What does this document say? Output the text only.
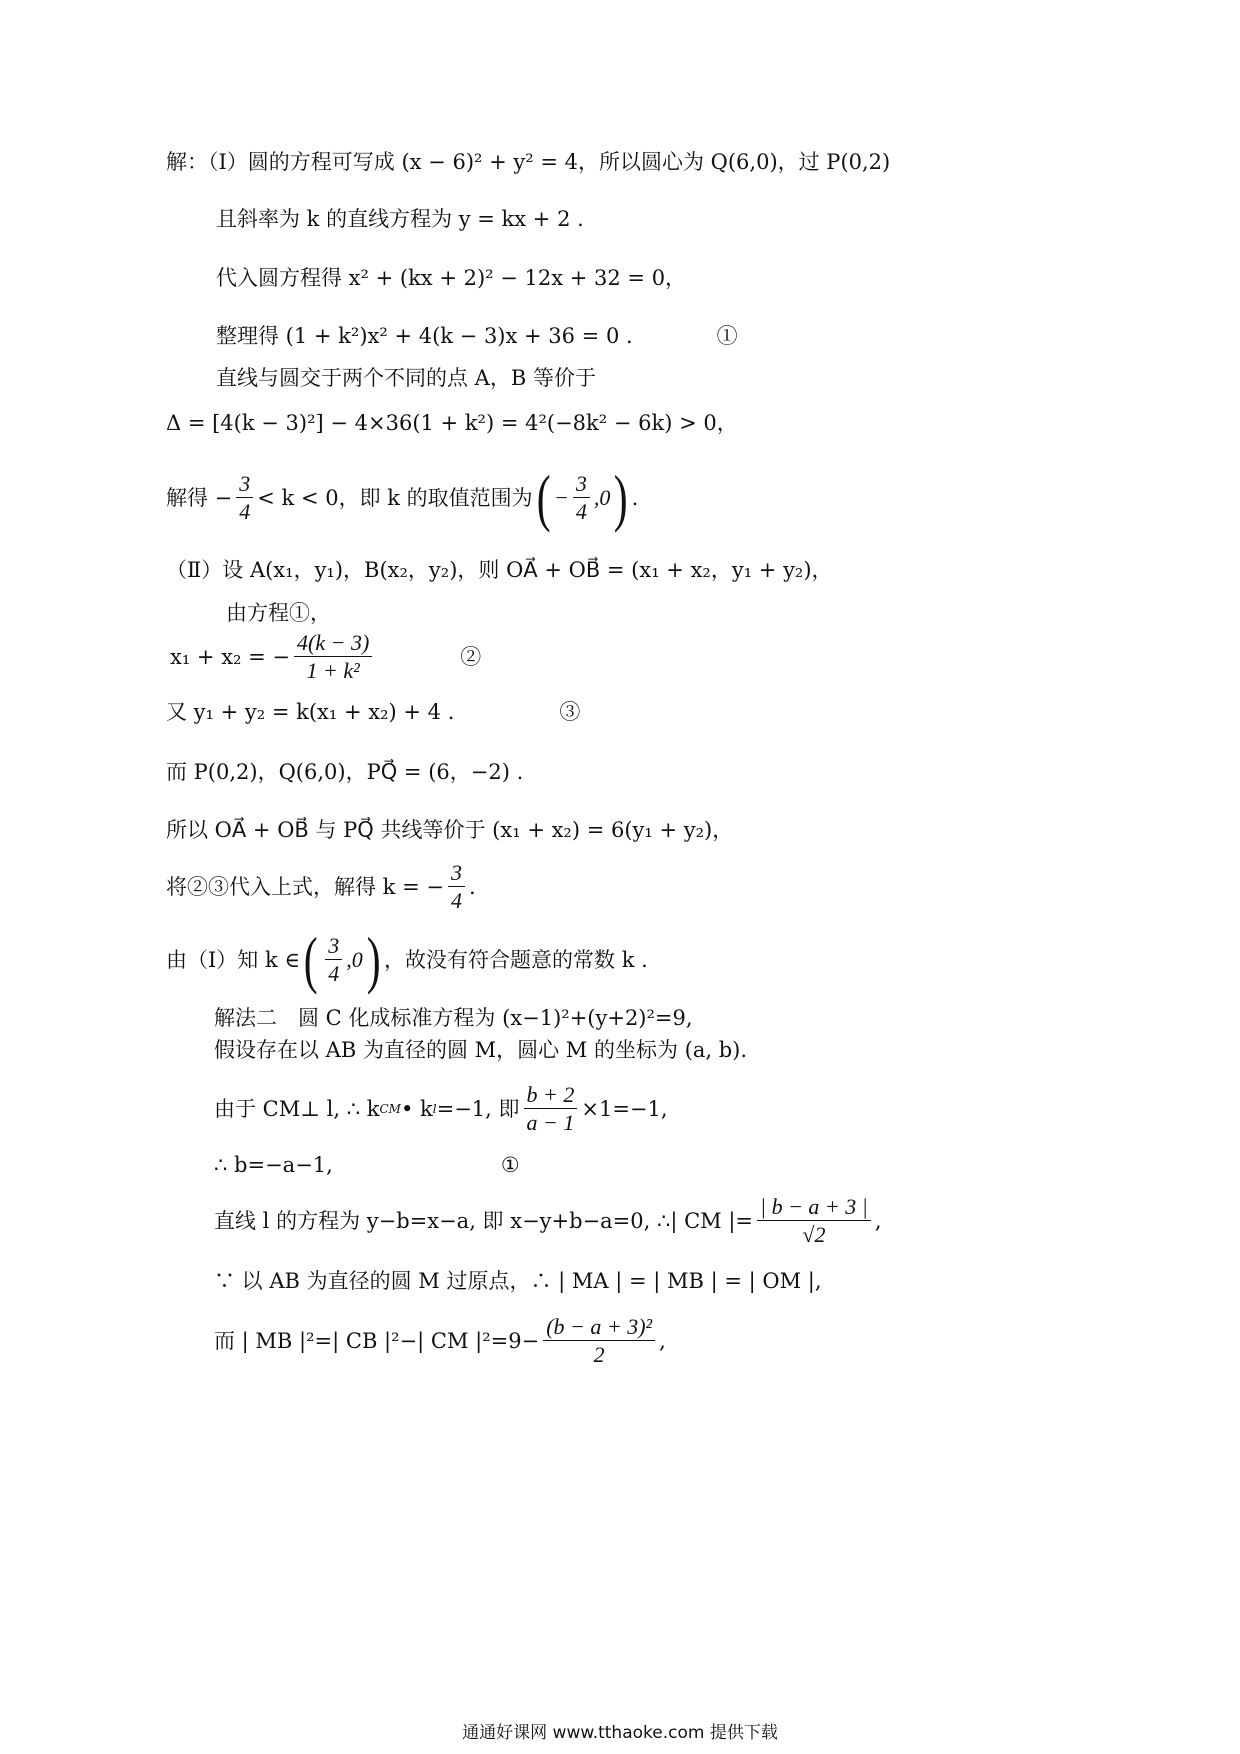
解：（Ⅰ）圆的方程可写成 (x − 6)² + y² = 4，所以圆心为 Q(6,0)，过 P(0,2)
且斜率为 k 的直线方程为 y = kx + 2 .
代入圆方程得 x² + (kx + 2)² − 12x + 32 = 0，
整理得 (1 + k²)x² + 4(k − 3)x + 36 = 0 .　　　　①
直线与圆交于两个不同的点 A，B 等价于
Δ = [4(k − 3)²] − 4×36(1 + k²) = 4²(−8k² − 6k) > 0，
解得 − $\frac{3}{4} < k < 0$，即 k 的取值范围为 ( − $\frac{3}{4} ,0$ ) .
（Ⅱ）设 A(x₁，y₁)，B(x₂，y₂)，则 OA⃗ + OB⃗ = (x₁ + x₂，y₁ + y₂)，
由方程①，
x₁ + x₂ = − $\frac{4(k - 3)}{\text{1 + k²}}$ 　　　　②
又 y₁ + y₂ = k(x₁ + x₂) + 4 .　　　　　③
而 P(0,2)，Q(6,0)，PQ⃗ = (6，−2) .
所以 OA⃗ + OB⃗ 与 PQ⃗ 共线等价于 (x₁ + x₂) = 6(y₁ + y₂)，
将②③代入上式，解得 k = − $\frac{3}{4}$ .
由（Ⅰ）知 k ∈ ( $\frac{3}{4} ,0$ ) ，故没有符合题意的常数 k .
解法二　圆 C 化成标准方程为 (x−1)²+(y+2)²=9,
假设存在以 AB 为直径的圆 M，圆心 M 的坐标为 (a, b).
由于 CM⊥ l, ∴ k CM • k l =−1, 即 $\frac{b + 2}{a - 1} \times 1=-1$,
∴ b=−a−1,　　　　　　　　①
直线 l 的方程为 y−b=x−a, 即 x−y+b−a=0, ∴| CM |= $\frac{| b - a + 3 |}{√2}$ ,
∵ 以 AB 为直径的圆 M 过原点，∴ | MA | = | MB | = | OM |,
而 | MB |²=| CB |²−| CM $|^2=9- \frac{\text{(b − a + 3)²}}{2}$ ,
通通好课网 www.tthaoke.com 提供下载
